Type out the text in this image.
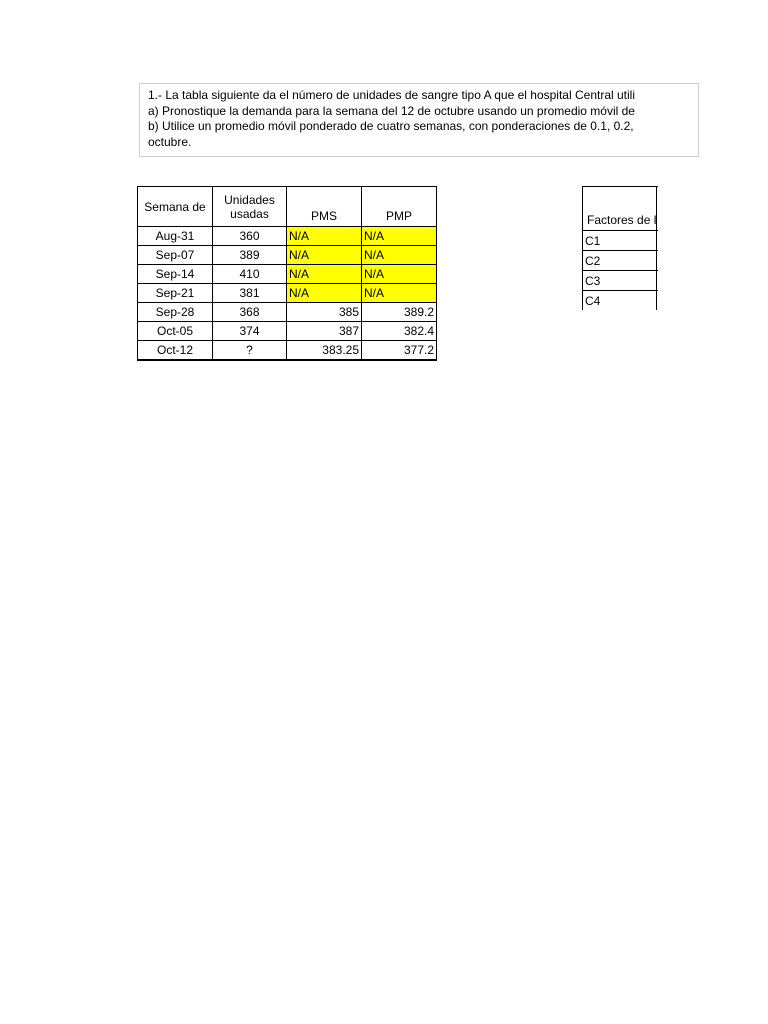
1.- La tabla siguiente da el número de unidades de sangre tipo A que el hospital Central utili
a) Pronostique la demanda para la semana del 12 de octubre usando un promedio móvil de
b) Utilice un promedio móvil ponderado de cuatro semanas, con ponderaciones de 0.1, 0.2,
octubre.
Semana de	Unidades usadas	PMS	PMP
Aug-31	360	N/A	N/A
Sep-07	389	N/A	N/A
Sep-14	410	N/A	N/A
Sep-21	381	N/A	N/A
Sep-28	368	385	389.2
Oct-05	374	387	382.4
Oct-12	?	383.25	377.2
Factores de l	
C1	
C2	
C3	
C4	
